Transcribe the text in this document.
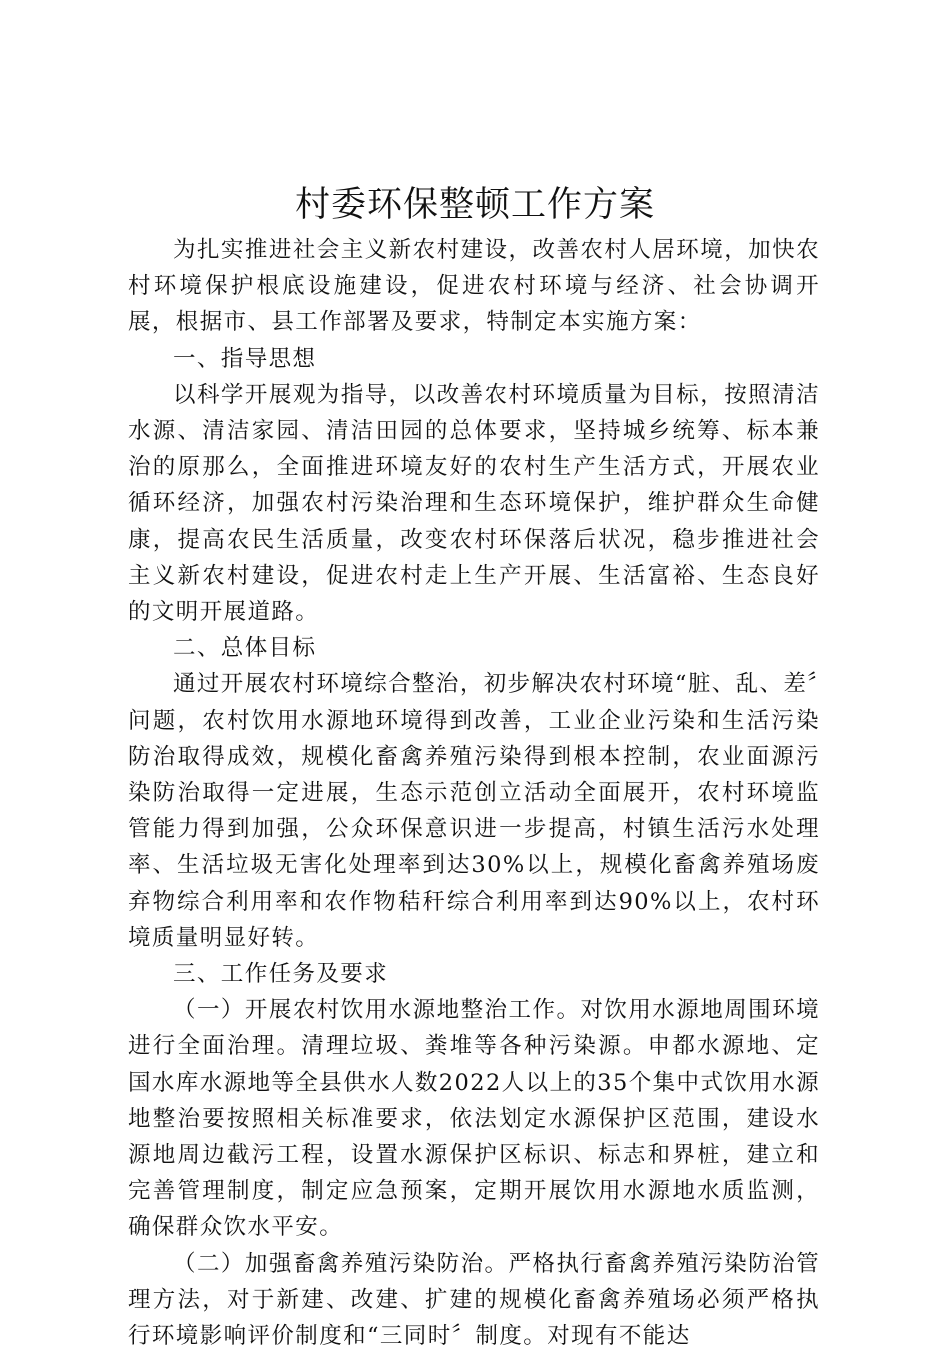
村委环保整顿工作方案

为扎实推进社会主义新农村建设，改善农村人居环境，加快农村环境保护根底设施建设，促进农村环境与经济、社会协调开展，根据市、县工作部署及要求，特制定本实施方案：

一、指导思想

以科学开展观为指导，以改善农村环境质量为目标，按照清洁水源、清洁家园、清洁田园的总体要求，坚持城乡统筹、标本兼治的原那么，全面推进环境友好的农村生产生活方式，开展农业循环经济，加强农村污染治理和生态环境保护，维护群众生命健康，提高农民生活质量，改变农村环保落后状况，稳步推进社会主义新农村建设，促进农村走上生产开展、生活富裕、生态良好的文明开展道路。

二、总体目标

通过开展农村环境综合整治，初步解决农村环境“脏、乱、差〞问题，农村饮用水源地环境得到改善，工业企业污染和生活污染防治取得成效，规模化畜禽养殖污染得到根本控制，农业面源污染防治取得一定进展，生态示范创立活动全面展开，农村环境监管能力得到加强，公众环保意识进一步提高，村镇生活污水处理率、生活垃圾无害化处理率到达30%以上，规模化畜禽养殖场废弃物综合利用率和农作物秸秆综合利用率到达90%以上，农村环境质量明显好转。

三、工作任务及要求

（一）开展农村饮用水源地整治工作。对饮用水源地周围环境进行全面治理。清理垃圾、粪堆等各种污染源。申都水源地、定国水库水源地等全县供水人数2022人以上的35个集中式饮用水源地整治要按照相关标准要求，依法划定水源保护区范围，建设水源地周边截污工程，设置水源保护区标识、标志和界桩，建立和完善管理制度，制定应急预案，定期开展饮用水源地水质监测，确保群众饮水平安。

（二）加强畜禽养殖污染防治。严格执行畜禽养殖污染防治管理方法，对于新建、改建、扩建的规模化畜禽养殖场必须严格执行环境影响评价制度和“三同时〞制度。对现有不能达
